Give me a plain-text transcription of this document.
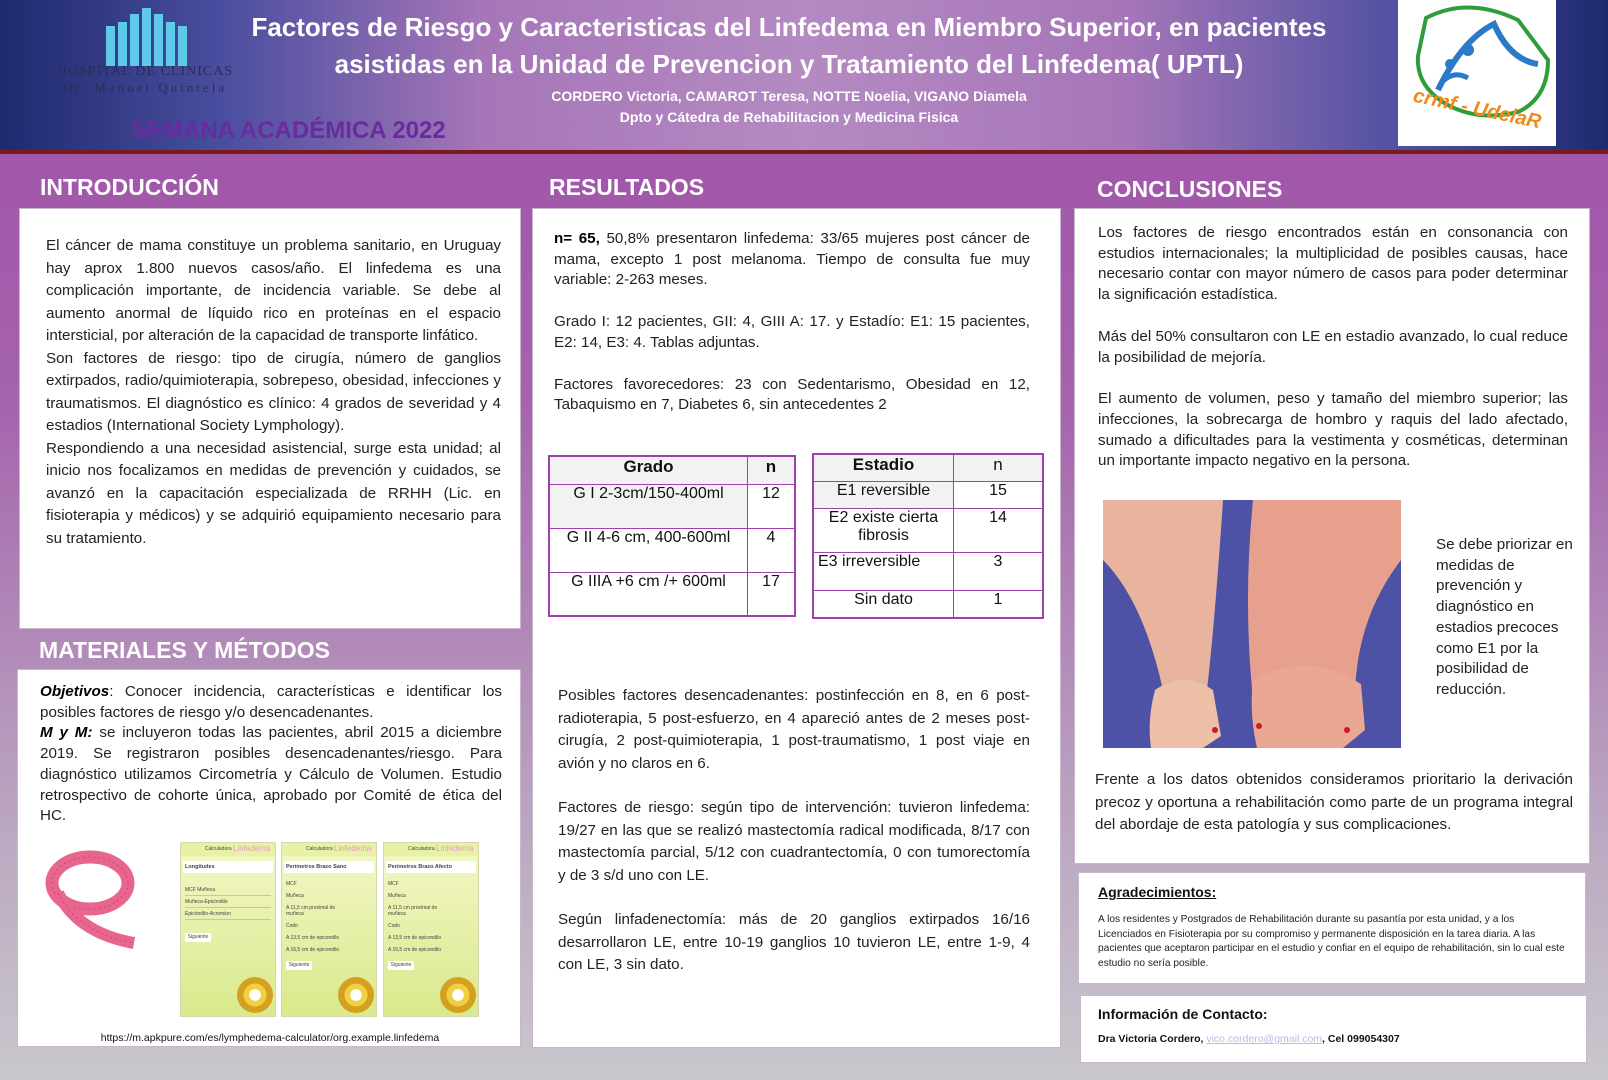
HOSPITAL DE CLINICAS
Dr. Manuel Quintela
SEMANA ACADÉMICA 2022
Factores de Riesgo y Caracteristicas del Linfedema en Miembro Superior, en pacientes
asistidas en la Unidad de Prevencion y Tratamiento del Linfedema( UPTL)
CORDERO Victoria, CAMAROT Teresa, NOTTE Noelia, VIGANO Diamela
Dpto y Cátedra de Rehabilitacion y Medicina Fisica	crmf - UdelaR
INTRODUCCIÓN
El cáncer de mama constituye un problema sanitario, en Uruguay hay aprox 1.800 nuevos casos/año. El linfedema es una complicación importante, de incidencia variable. Se debe al aumento anormal de líquido rico en proteínas en el espacio intersticial, por alteración de la capacidad de transporte linfático.
Son factores de riesgo: tipo de cirugía, número de ganglios extirpados, radio/quimioterapia, sobrepeso, obesidad, infecciones y traumatismos. El diagnóstico es clínico: 4 grados de severidad y 4 estadios (International Society Lymphology).
Respondiendo a una necesidad asistencial, surge esta unidad; al inicio nos focalizamos en medidas de prevención y cuidados, se avanzó en la capacitación especializada de RRHH (Lic. en fisioterapia y médicos) y se adquirió equipamiento necesario para su tratamiento.
MATERIALES Y MÉTODOS
Objetivos: Conocer incidencia, características e identificar los posibles factores de riesgo y/o desencadenantes.
M y M: se incluyeron todas las pacientes, abril 2015 a diciembre 2019. Se registraron posibles desencadenantes/riesgo. Para diagnóstico utilizamos Circometría y Cálculo de Volumen. Estudio retrospectivo de cohorte única, aprobado por Comité de ética del HC.
Calculadora Linfedema
Longitudes
MCF Muñeca
Muñeca-Epicóndilo
Epicóndilo-Acromion
Siguiente
Calculadora Linfedema
Perímetros Brazo Sano
MCF
Muñeca
A 11,5 cm proximal de muñeca
Codo
A 13,5 cm de epicondilo
A 16,5 cm de epicondilo
Siguiente
Calculadora Linfedema
Perímetros Brazo Afecto
MCF
Muñeca
A 11,5 cm proximal de muñeca
Codo
A 13,5 cm de epicondilo
A 16,5 cm de epicondilo
Siguiente
https://m.apkpure.com/es/lymphedema-calculator/org.example.linfedema
RESULTADOS
n= 65, 50,8% presentaron linfedema: 33/65 mujeres post cáncer de mama, excepto 1 post melanoma. Tiempo de consulta fue muy variable: 2-263 meses.
Grado I: 12 pacientes, GII: 4, GIII A: 17. y Estadío: E1: 15 pacientes, E2: 14, E3: 4. Tablas adjuntas.
Factores favorecedores: 23 con Sedentarismo, Obesidad en 12, Tabaquismo en 7, Diabetes 6, sin antecedentes 2
Grado	n
G I 2-3cm/150-400ml	12
G II 4-6 cm, 400-600ml	4
G IIIA +6 cm /+ 600ml	17
Estadio	n
E1 reversible	15
E2 existe cierta fibrosis	14
E3 irreversible	3
Sin dato	1
Posibles factores desencadenantes: postinfección en 8, en 6 post-radioterapia, 5 post-esfuerzo, en 4 apareció antes de 2 meses post-cirugía, 2 post-quimioterapia, 1 post-traumatismo, 1 post viaje en avión y no claros en 6.
Factores de riesgo: según tipo de intervención: tuvieron linfedema: 19/27 en las que se realizó mastectomía radical modificada, 8/17 con mastectomía parcial, 5/12 con cuadrantectomía, 0 con tumorectomía y de 3 s/d uno con LE.
Según linfadenectomía: más de 20 ganglios extirpados 16/16 desarrollaron LE, entre 10-19 ganglios 10 tuvieron LE, entre 1-9, 4 con LE, 3 sin dato.
CONCLUSIONES
Los factores de riesgo encontrados están en consonancia con estudios internacionales; la multiplicidad de posibles causas, hace necesario contar con mayor número de casos para poder determinar la significación estadística.
Más del 50% consultaron con LE en estadio avanzado, lo cual reduce la posibilidad de mejoría.
El aumento de volumen, peso y tamaño del miembro superior; las infecciones, la sobrecarga de hombro y raquis del lado afectado, sumado a dificultades para la vestimenta y cosméticas, determinan un importante impacto negativo en la persona.
Se debe priorizar en medidas de prevención y diagnóstico en estadios precoces como E1 por la posibilidad de reducción.
Frente a los datos obtenidos consideramos prioritario la derivación precoz y oportuna a rehabilitación como parte de un programa integral del abordaje de esta patología y sus complicaciones.
Agradecimientos:

A los residentes y Postgrados de Rehabilitación durante su pasantía por esta unidad, y a los Licenciados en Fisioterapia por su compromiso y permanente disposición en la tarea diaria. A las pacientes que aceptaron participar en el estudio y confiar en el equipo de rehabilitación, sin lo cual este estudio no sería posible.

Información de Contacto:
Dra Victoria Cordero, vico.cordero@gmail.com, Cel 099054307
